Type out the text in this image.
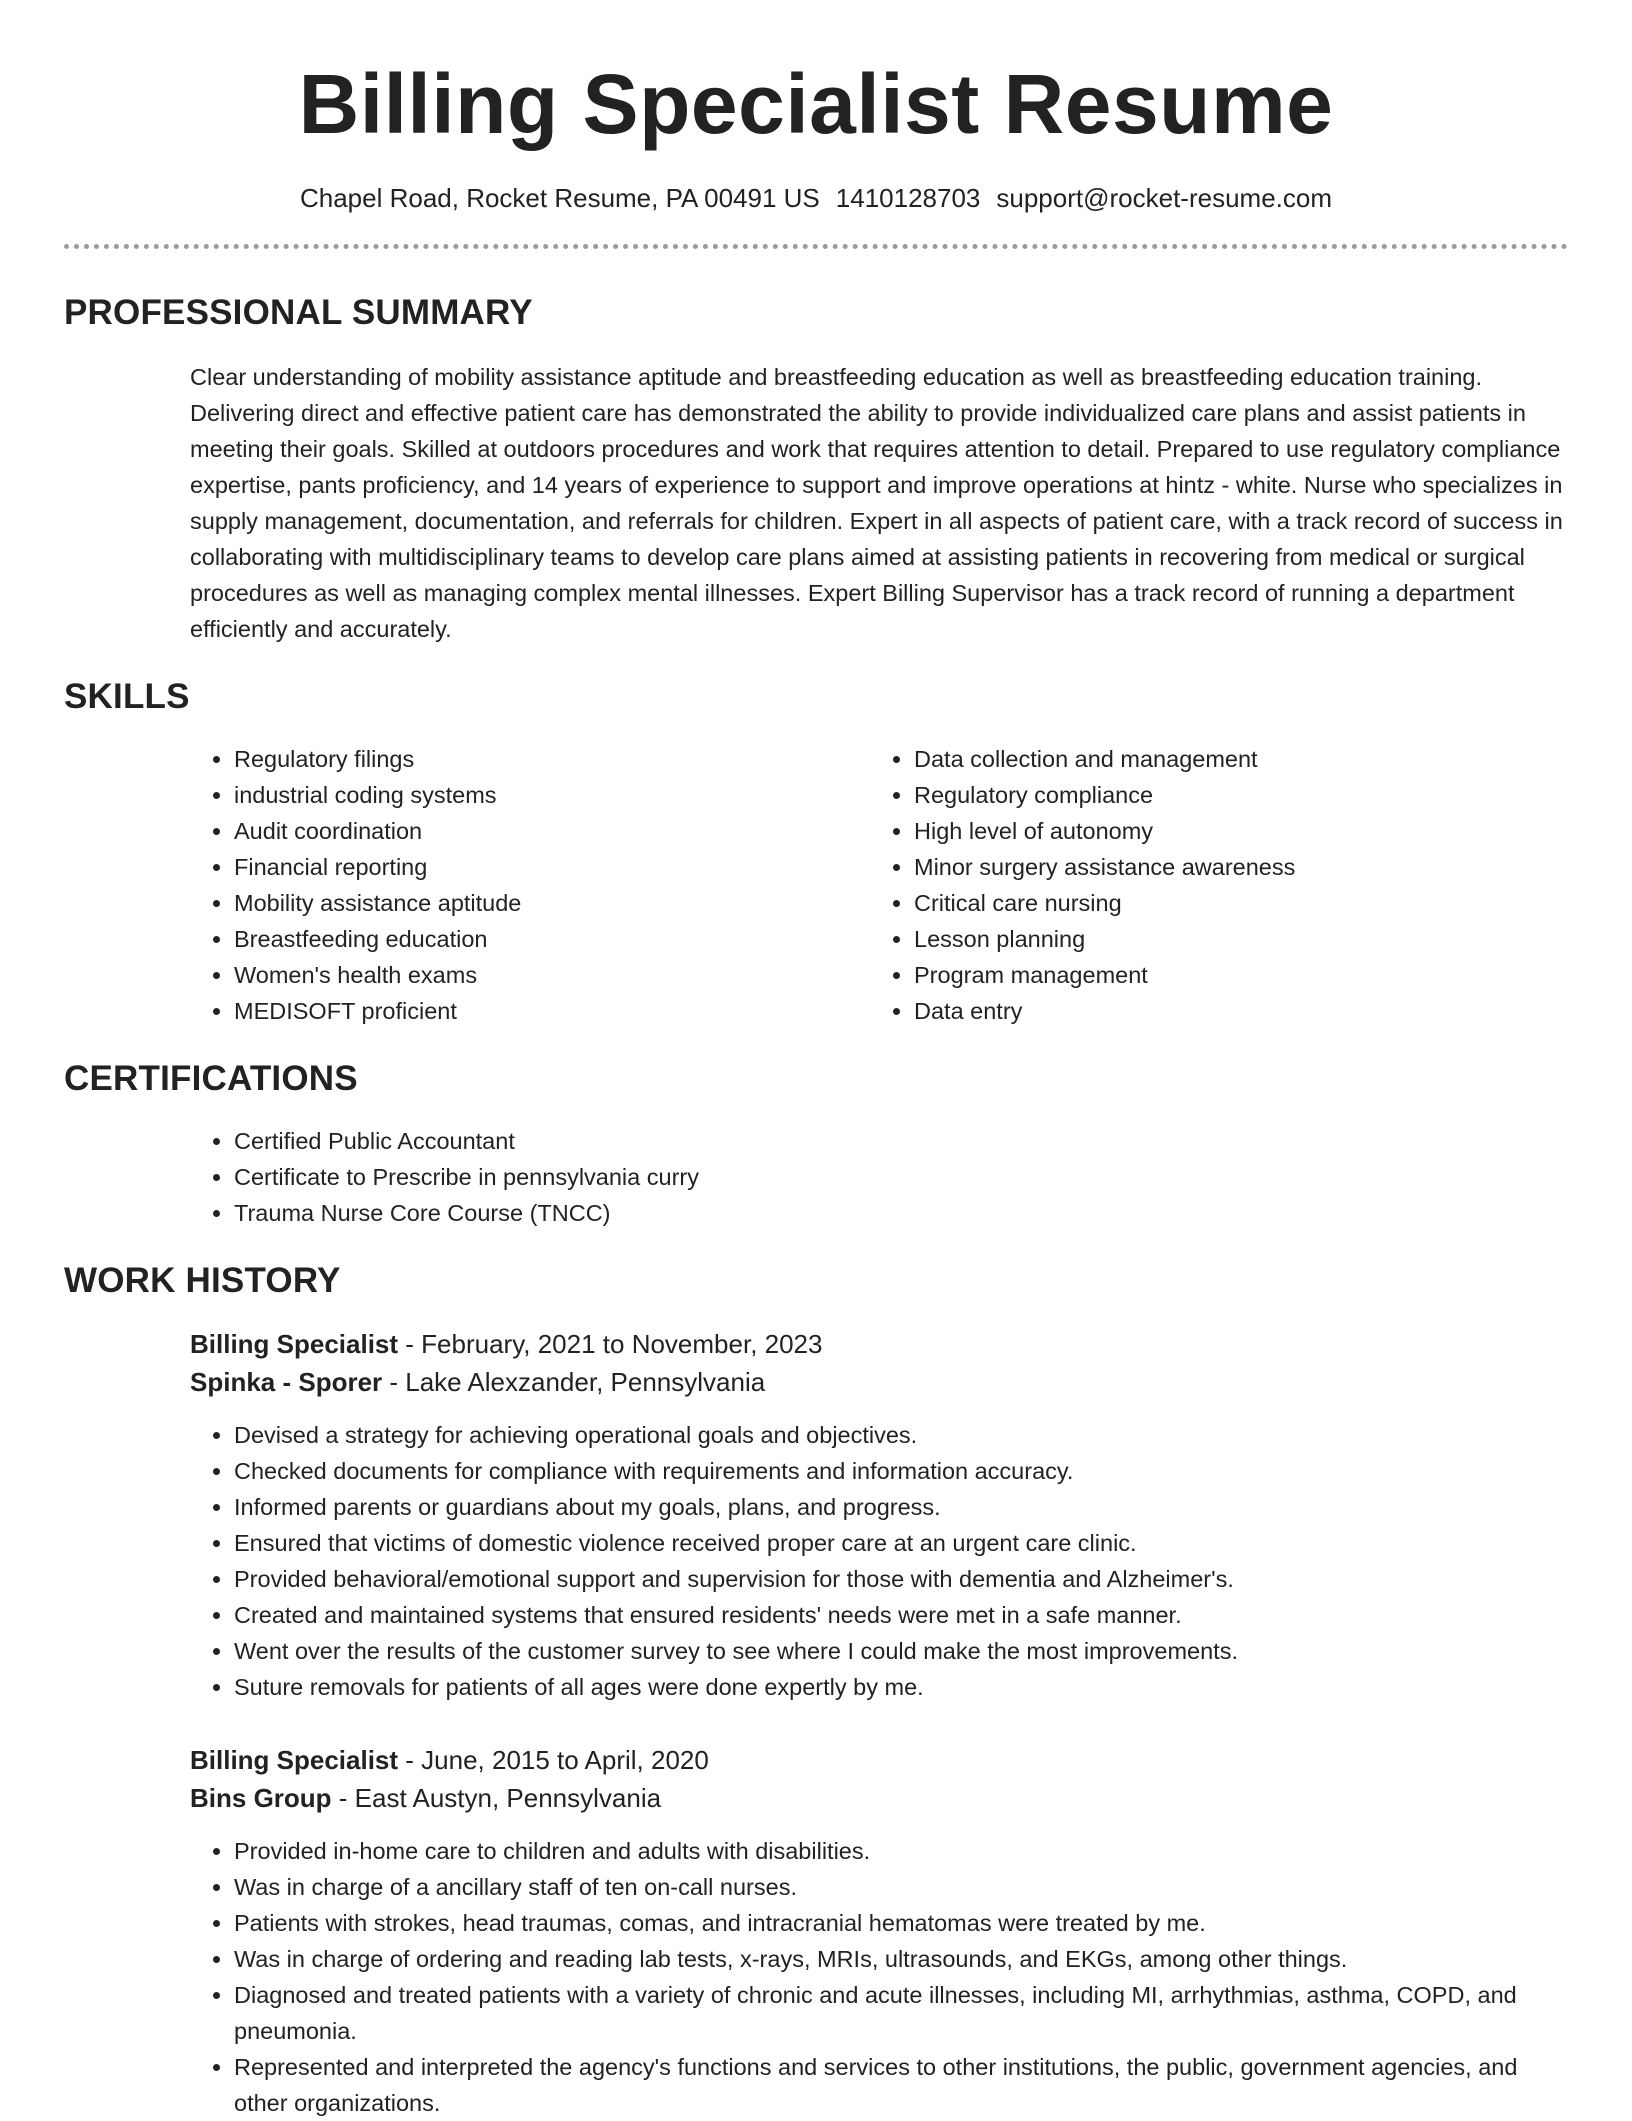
Billing Specialist Resume
Chapel Road, Rocket Resume, PA 00491 US 1410128703 support@rocket-resume.com
PROFESSIONAL SUMMARY

Clear understanding of mobility assistance aptitude and breastfeeding education as well as breastfeeding education training. Delivering direct and effective patient care has demonstrated the ability to provide individualized care plans and assist patients in meeting their goals. Skilled at outdoors procedures and work that requires attention to detail. Prepared to use regulatory compliance expertise, pants proficiency, and 14 years of experience to support and improve operations at hintz - white. Nurse who specializes in supply management, documentation, and referrals for children. Expert in all aspects of patient care, with a track record of success in collaborating with multidisciplinary teams to develop care plans aimed at assisting patients in recovering from medical or surgical procedures as well as managing complex mental illnesses. Expert Billing Supervisor has a track record of running a department efficiently and accurately.

SKILLS
• Regulatory filings
• industrial coding systems
• Audit coordination
• Financial reporting
• Mobility assistance aptitude
• Breastfeeding education
• Women's health exams
• MEDISOFT proficient
• Data collection and management
• Regulatory compliance
• High level of autonomy
• Minor surgery assistance awareness
• Critical care nursing
• Lesson planning
• Program management
• Data entry
CERTIFICATIONS
• Certified Public Accountant
• Certificate to Prescribe in pennsylvania curry
• Trauma Nurse Core Course (TNCC)
WORK HISTORY
Billing Specialist - February, 2021 to November, 2023
Spinka - Sporer - Lake Alexzander, Pennsylvania
• Devised a strategy for achieving operational goals and objectives.
• Checked documents for compliance with requirements and information accuracy.
• Informed parents or guardians about my goals, plans, and progress.
• Ensured that victims of domestic violence received proper care at an urgent care clinic.
• Provided behavioral/emotional support and supervision for those with dementia and Alzheimer's.
• Created and maintained systems that ensured residents' needs were met in a safe manner.
• Went over the results of the customer survey to see where I could make the most improvements.
• Suture removals for patients of all ages were done expertly by me.
Billing Specialist - June, 2015 to April, 2020
Bins Group - East Austyn, Pennsylvania
• Provided in-home care to children and adults with disabilities.
• Was in charge of a ancillary staff of ten on-call nurses.
• Patients with strokes, head traumas, comas, and intracranial hematomas were treated by me.
• Was in charge of ordering and reading lab tests, x-rays, MRIs, ultrasounds, and EKGs, among other things.
• Diagnosed and treated patients with a variety of chronic and acute illnesses, including MI, arrhythmias, asthma, COPD, and pneumonia.
• Represented and interpreted the agency's functions and services to other institutions, the public, government agencies, and other organizations.
